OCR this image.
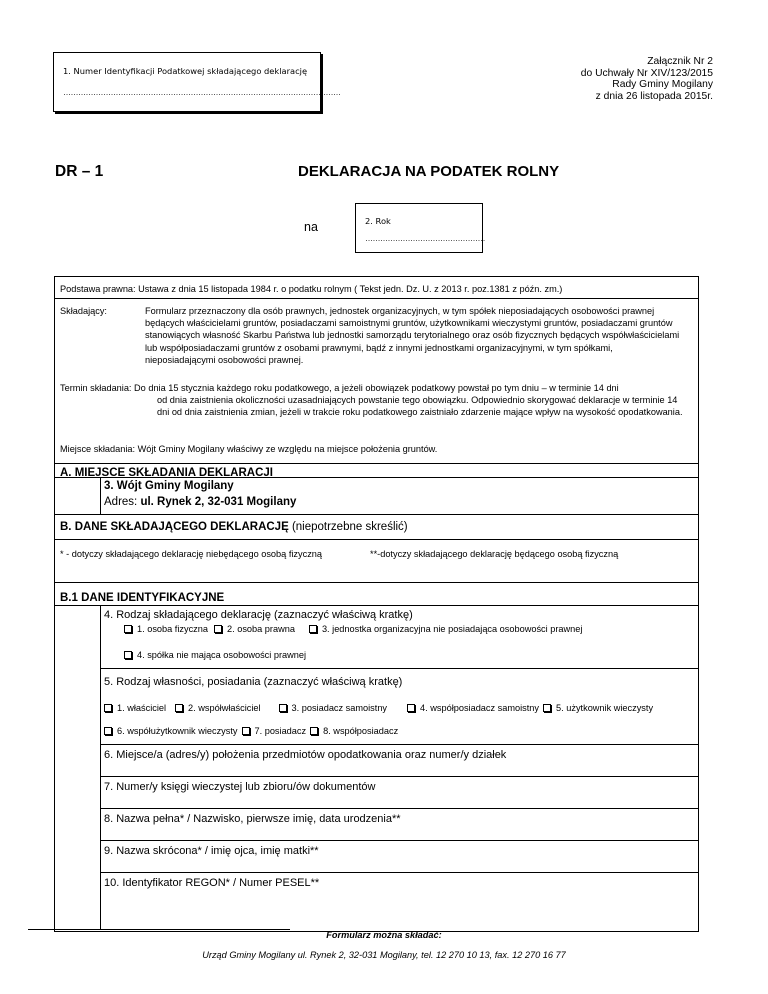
1. Numer Identyfikacji Podatkowej składającego deklarację
…………………………………………………………………………………………………
Załącznik Nr 2
do Uchwały Nr XIV/123/2015
Rady Gminy Mogilany
z dnia 26 listopada 2015r.
DR – 1	DEKLARACJA NA PODATEK ROLNY
na	2. Rok
…………………………………………
Podstawa prawna: Ustawa z dnia 15 listopada 1984 r. o podatku rolnym ( Tekst jedn. Dz. U. z 2013 r. poz.1381 z późn. zm.)
Składający:	Formularz przeznaczony dla osób prawnych, jednostek organizacyjnych, w tym spółek nieposiadających osobowości prawnej będących właścicielami gruntów, posiadaczami samoistnymi gruntów, użytkownikami wieczystymi gruntów, posiadaczami gruntów stanowiących własność Skarbu Państwa lub jednostki samorządu terytorialnego oraz osób fizycznych będących współwłaścicielami lub współposiadaczami gruntów z osobami prawnymi, bądź z innymi jednostkami organizacyjnymi, w tym spółkami, nieposiadającymi osobowości prawnej.
Termin składania: Do dnia 15 stycznia każdego roku podatkowego, a jeżeli obowiązek podatkowy powstał po tym dniu – w terminie 14 dni
od dnia zaistnienia okoliczności uzasadniających powstanie tego obowiązku. Odpowiednio skorygować deklaracje w terminie 14 dni od dnia zaistnienia zmian, jeżeli w trakcie roku podatkowego zaistniało zdarzenie mające wpływ na wysokość opodatkowania.
Miejsce składania: Wójt Gminy Mogilany właściwy ze względu na miejsce położenia gruntów.
A. MIEJSCE SKŁADANIA DEKLARACJI
3. Wójt Gminy Mogilany
Adres: ul. Rynek 2, 32-031 Mogilany
B. DANE SKŁADAJĄCEGO DEKLARACJĘ (niepotrzebne skreślić)
* - dotyczy składającego deklarację niebędącego osobą fizyczną	**-dotyczy składającego deklarację będącego osobą fizyczną
B.1 DANE IDENTYFIKACYJNE
4. Rodzaj składającego deklarację (zaznaczyć właściwą kratkę)
1. osoba fizyczna 2. osoba prawna	3. jednostka organizacyjna nie posiadająca osobowości prawnej
4. spółka nie mająca osobowości prawnej
5. Rodzaj własności, posiadania (zaznaczyć właściwą kratkę)
1. właściciel 2. współwłaściciel	3. posiadacz samoistny	4. współposiadacz samoistny 5. użytkownik wieczysty
6. współużytkownik wieczysty 7. posiadacz 8. współposiadacz
6. Miejsce/a (adres/y) położenia przedmiotów opodatkowania oraz numer/y działek
7. Numer/y księgi wieczystej lub zbioru/ów dokumentów
8. Nazwa pełna* / Nazwisko, pierwsze imię, data urodzenia**
9. Nazwa skrócona* / imię ojca, imię matki**
10. Identyfikator REGON* / Numer PESEL**
Formularz można składać:
Urząd Gminy Mogilany ul. Rynek 2, 32-031 Mogilany, tel. 12 270 10 13, fax. 12 270 16 77
